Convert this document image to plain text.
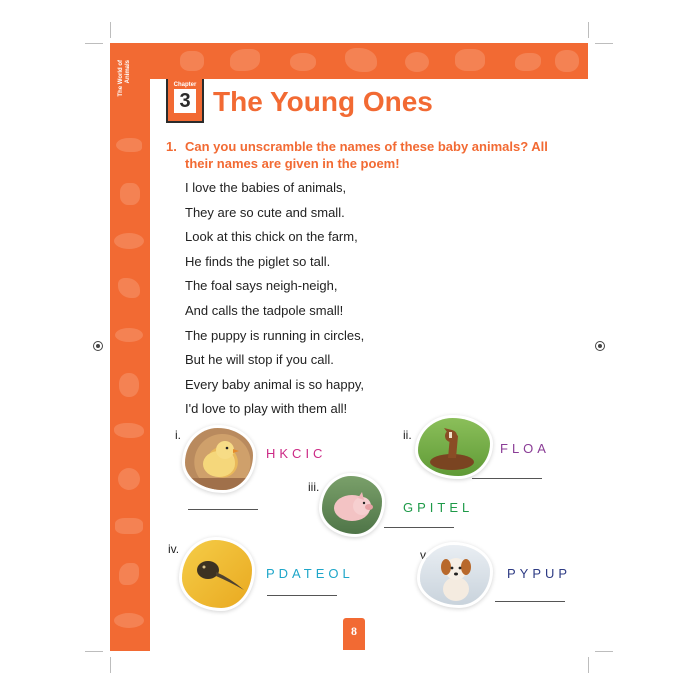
The World of Animals
Chapter
3 The Young Ones
1. Can you unscramble the names of these baby animals? All their names are given in the poem!
I love the babies of animals,
They are so cute and small.
Look at this chick on the farm,
He finds the piglet so tall.
The foal says neigh-neigh,
And calls the tadpole small!
The puppy is running in circles,
But he will stop if you call.
Every baby animal is so happy,
I'd love to play with them all!
i.
HKCIC
ii.
FLOA
iii.
GPITEL
iv.
PDATEOL
v.
PYPUP
8
